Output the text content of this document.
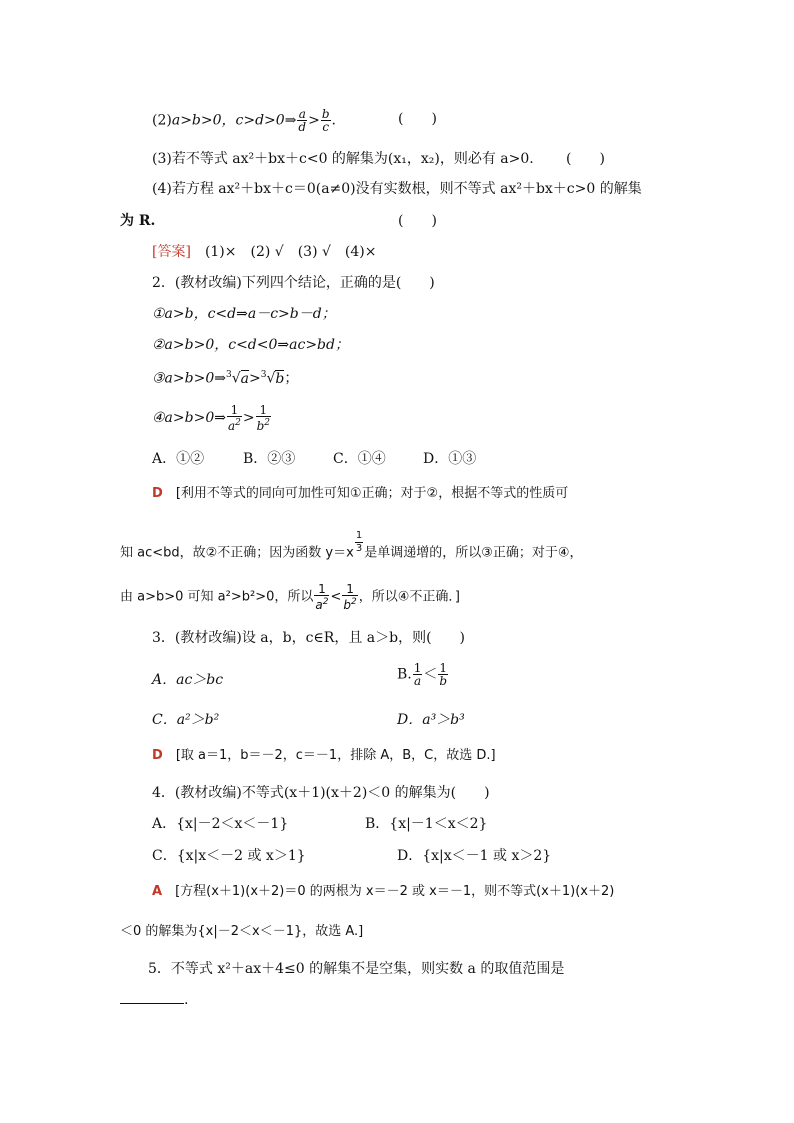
(2)a>b>0，c>d>0⇒ $\frac{a}{d} > \frac{b}{c}$ .	(　　)
(3)若不等式 ax²＋bx＋c<0 的解集为(x₁，x₂)，则必有 a>0. (　　)
(4)若方程 ax²＋bx＋c＝0(a≠0)没有实数根，则不等式 ax²＋bx＋c>0 的解集
为 R.	(　　)
[答案]　 (1)×　(2) √　(3) √　(4)×
2．(教材改编)下列四个结论，正确的是(　　)
①a>b，c<d⇒a－c>b－d；
②a>b>0，c<d<0⇒ac>bd；
③a>b>0⇒$^3$√a>$^3$√b；
④a>b>0⇒ $\frac{1}{a^2} > \frac{1}{b^2}$
A．①②	B．②③	C．①④	D．①③
D　 [利用不等式的同向可加性可知①正确；对于②，根据不等式的性质可
知 ac<bd，故②不正确；因为函数 $y=x \frac{1}{3}$ 是单调递增的，所以③正确；对于④，
由 a>b>0 可知 a²>b²>0，所以 $\frac{1}{a^2} < \frac{1}{b^2}$ ，所以④不正确．]
3．(教材改编)设 a，b，c∈R，且 a＞b，则(　　)
A．ac＞bc	B. $\frac{1}{a} < \frac{1}{b}$
C．a²＞b²	D．a³＞b³
D　 [取 a＝1，b＝－2，c＝－1，排除 A，B，C，故选 D.]
4．(教材改编)不等式(x＋1)(x＋2)＜0 的解集为(　　)
A．{x|－2＜x＜－1}	B．{x|－1＜x＜2}
C．{x|x＜－2 或 x＞1}	D．{x|x＜－1 或 x＞2}
A　 [方程(x＋1)(x＋2)＝0 的两根为 x＝－2 或 x＝－1，则不等式(x＋1)(x＋2)
＜0 的解集为{x|－2＜x＜－1}，故选 A.]
5．不等式 x²＋ax＋4≤0 的解集不是空集，则实数 a 的取值范围是
.
